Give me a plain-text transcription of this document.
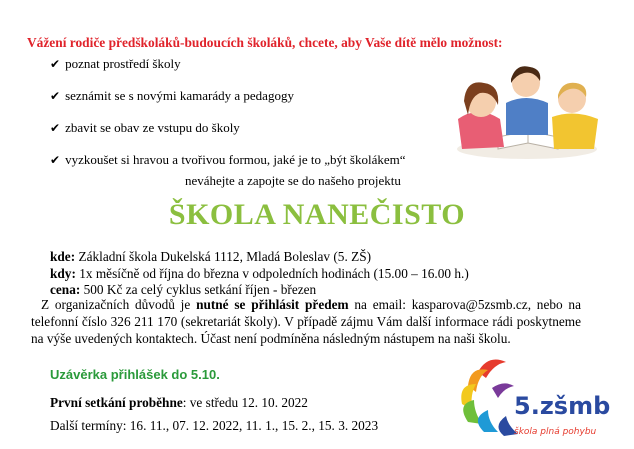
Vážení rodiče předškoláků-budoucích školáků, chcete, aby Vaše dítě mělo možnost:
✔ poznat prostředí školy
✔ seznámit se s novými kamarády a pedagogy
✔ zbavit se obav ze vstupu do školy
✔ vyzkoušet si hravou a tvořivou formou, jaké je to „být školákem“
neváhejte a zapojte se do našeho projektu
ŠKOLA NANEČISTO
kde: Základní škola Dukelská 1112, Mladá Boleslav (5. ZŠ)
kdy: 1x měsíčně od října do března v odpoledních hodinách (15.00 – 16.00 h.)
cena: 500 Kč za celý cyklus setkání říjen - březen
Z organizačních důvodů je nutné se přihlásit předem na email: kasparova@5zsmb.cz, nebo na telefonní číslo 326 211 170 (sekretariát školy). V případě zájmu Vám další informace rádi poskytneme na výše uvedených kontaktech. Účast není podmíněna následným nástupem na naši školu.
Uzávěrka přihlášek do 5.10.
První setkání proběhne: ve středu 12. 10. 2022
Další termíny: 16. 11., 07. 12. 2022, 11. 1., 15. 2., 15. 3. 2023
5.zšmb
škola plná pohybu
